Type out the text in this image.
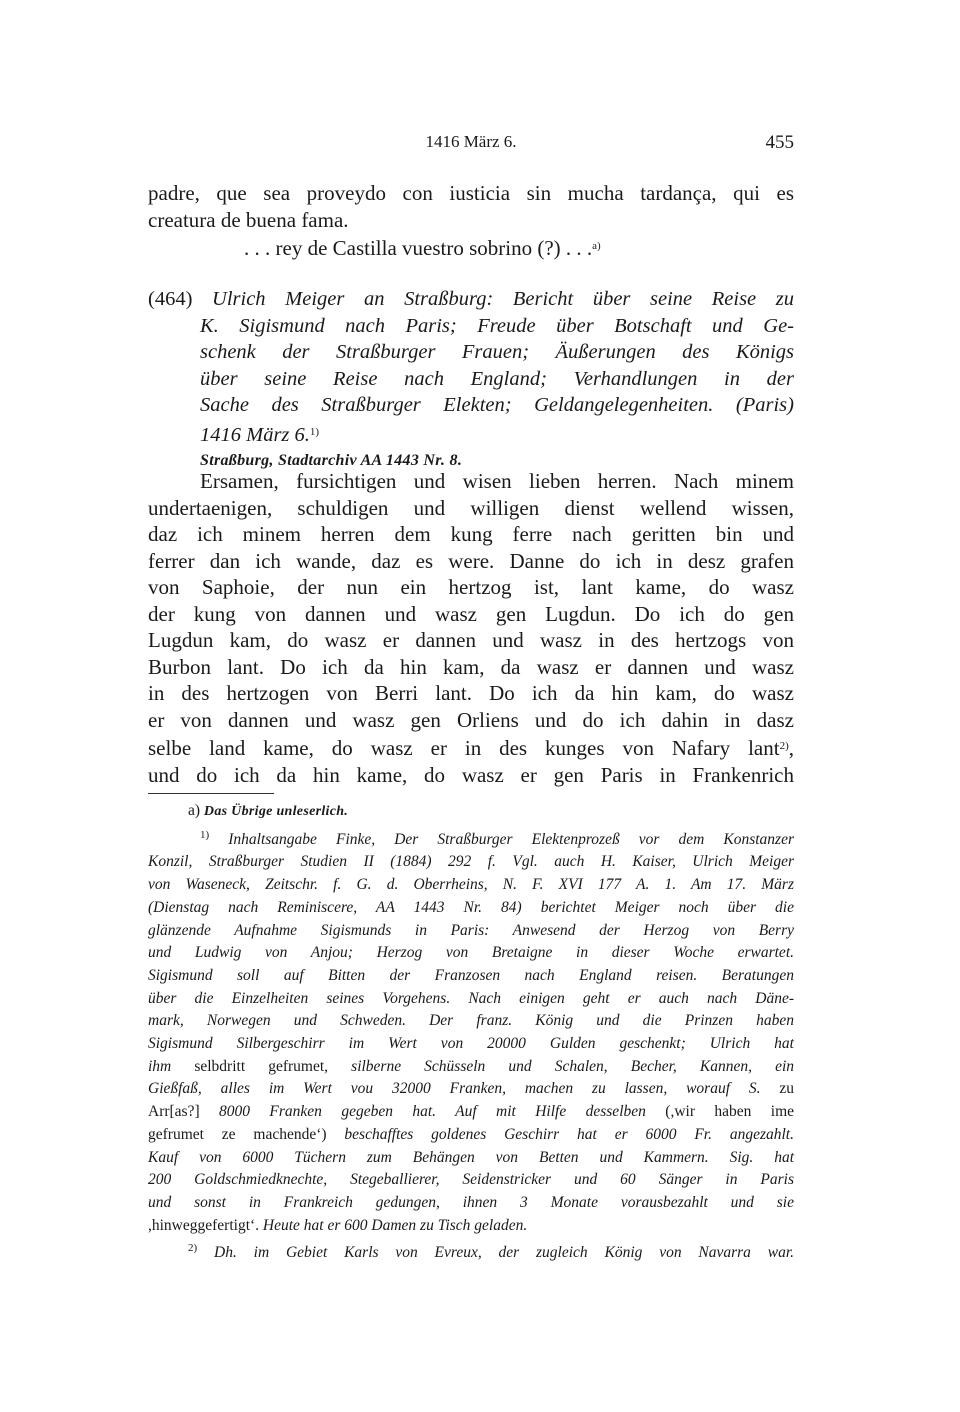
1416 März 6.	455
padre, que sea proveydo con iusticia sin mucha tardança, qui es
creatura de buena fama.
. . . rey de Castilla vuestro sobrino (?) . . .$^{a)}$
(464) Ulrich Meiger an Straßburg: Bericht über seine Reise zu
K. Sigismund nach Paris; Freude über Botschaft und Ge-
schenk der Straßburger Frauen; Äußerungen des Königs
über seine Reise nach England; Verhandlungen in der
Sache des Straßburger Elekten; Geldangelegenheiten. (Paris)
1416 März 6.$^{1)}$
Straßburg, Stadtarchiv AA 1443 Nr. 8.
Ersamen, fursichtigen und wisen lieben herren. Nach minem
undertaenigen, schuldigen und willigen dienst wellend wissen,
daz ich minem herren dem kung ferre nach geritten bin und
ferrer dan ich wande, daz es were. Danne do ich in desz grafen
von Saphoie, der nun ein hertzog ist, lant kame, do wasz
der kung von dannen und wasz gen Lugdun. Do ich do gen
Lugdun kam, do wasz er dannen und wasz in des hertzogs von
Burbon lant. Do ich da hin kam, da wasz er dannen und wasz
in des hertzogen von Berri lant. Do ich da hin kam, do wasz
er von dannen und wasz gen Orliens und do ich dahin in dasz
selbe land kame, do wasz er in des kunges von Nafary lant$^{2)}$,
und do ich da hin kame, do wasz er gen Paris in Frankenrich
a) Das Übrige unleserlich.
$^{1)}$ Inhaltsangabe Finke, Der Straßburger Elektenprozeß vor dem Konstanzer
Konzil, Straßburger Studien II (1884) 292 f. Vgl. auch H. Kaiser, Ulrich Meiger
von Waseneck, Zeitschr. f. G. d. Oberrheins, N. F. XVI 177 A. 1. Am 17. März
(Dienstag nach Reminiscere, AA 1443 Nr. 84) berichtet Meiger noch über die
glänzende Aufnahme Sigismunds in Paris: Anwesend der Herzog von Berry
und Ludwig von Anjou; Herzog von Bretaigne in dieser Woche erwartet.
Sigismund soll auf Bitten der Franzosen nach England reisen. Beratungen
über die Einzelheiten seines Vorgehens. Nach einigen geht er auch nach Däne-
mark, Norwegen und Schweden. Der franz. König und die Prinzen haben
Sigismund Silbergeschirr im Wert von 20000 Gulden geschenkt; Ulrich hat
ihm selbdritt gefrumet, silberne Schüsseln und Schalen, Becher, Kannen, ein
Gießfaß, alles im Wert vou 32000 Franken, machen zu lassen, worauf S. zu
Arr[as?] 8000 Franken gegeben hat. Auf mit Hilfe desselben (,wir haben ime
gefrumet ze machende‘) beschafftes goldenes Geschirr hat er 6000 Fr. angezahlt.
Kauf von 6000 Tüchern zum Behängen von Betten und Kammern. Sig. hat
200 Goldschmiedknechte, Stegeballierer, Seidenstricker und 60 Sänger in Paris
und sonst in Frankreich gedungen, ihnen 3 Monate vorausbezahlt und sie
,hinweggefertigt‘. Heute hat er 600 Damen zu Tisch geladen.
$^{2)}$ Dh. im Gebiet Karls von Evreux, der zugleich König von Navarra war.
